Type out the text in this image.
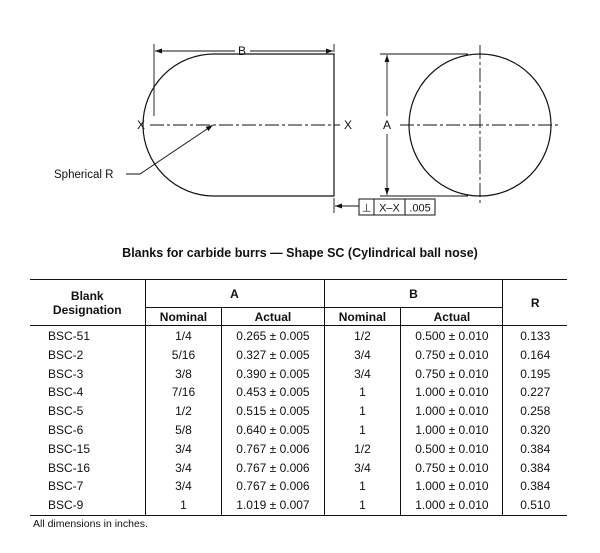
B
A
X	X
Spherical R
⊥ X–X .005
Blanks for carbide burrs — Shape SC (Cylindrical ball nose)
Blank
Designation	A		B		R
	Nominal	Actual	Nominal	Actual	
BSC-51	1/4	0.265 ± 0.005	1/2	0.500 ± 0.010	0.133
BSC-2	5/16	0.327 ± 0.005	3/4	0.750 ± 0.010	0.164
BSC-3	3/8	0.390 ± 0.005	3/4	0.750 ± 0.010	0.195
BSC-4	7/16	0.453 ± 0.005	1	1.000 ± 0.010	0.227
BSC-5	1/2	0.515 ± 0.005	1	1.000 ± 0.010	0.258
BSC-6	5/8	0.640 ± 0.005	1	1.000 ± 0.010	0.320
BSC-15	3/4	0.767 ± 0.006	1/2	0.500 ± 0.010	0.384
BSC-16	3/4	0.767 ± 0.006	3/4	0.750 ± 0.010	0.384
BSC-7	3/4	0.767 ± 0.006	1	1.000 ± 0.010	0.384
BSC-9	1	1.019 ± 0.007	1	1.000 ± 0.010	0.510
All dimensions in inches.
